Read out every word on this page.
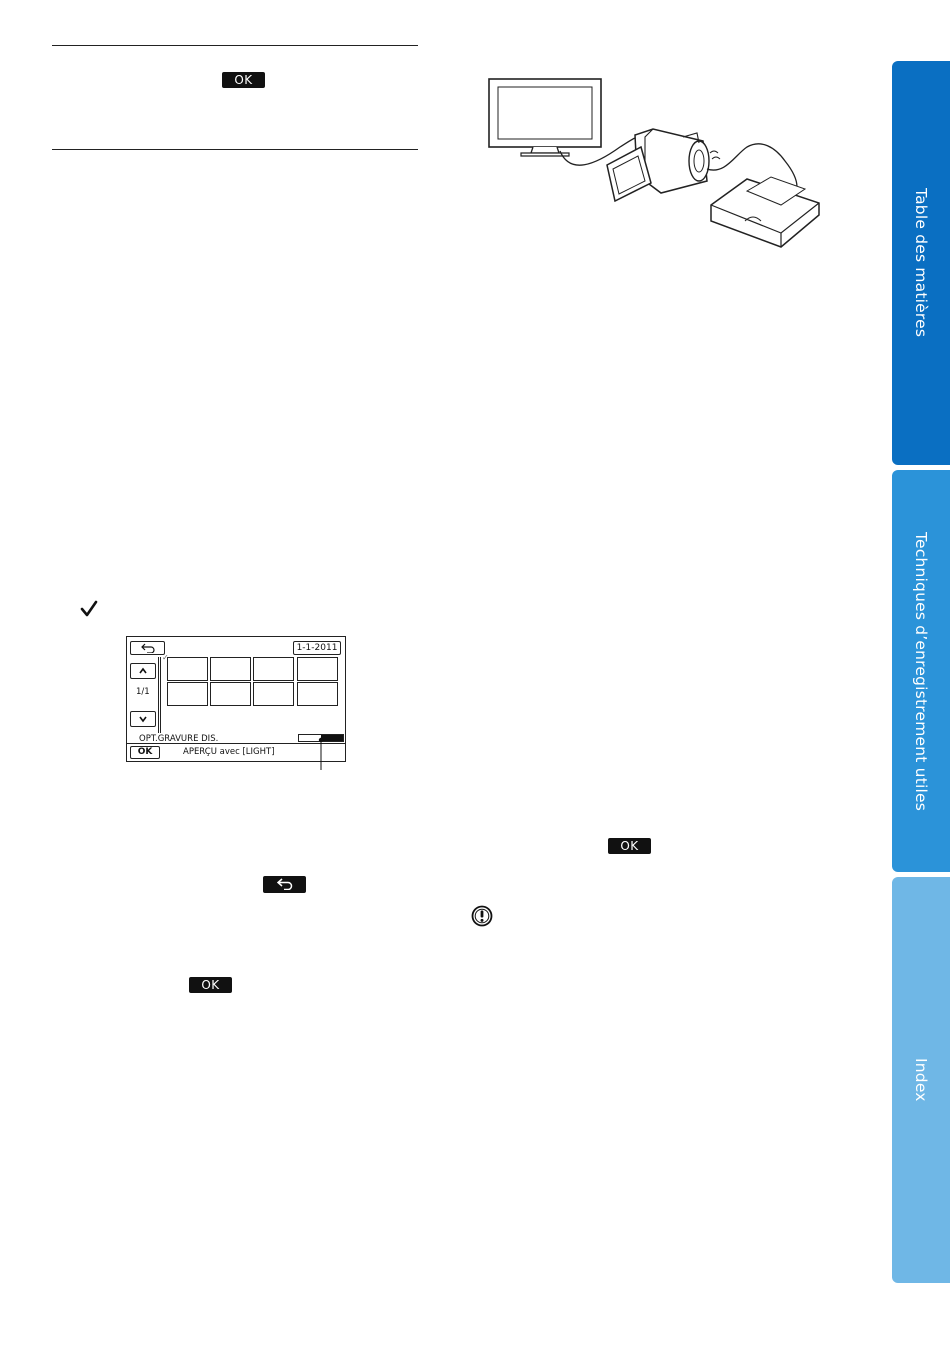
OK
1-1-2011
1/1
✓
OPT.GRAVURE DIS.
OK	APERÇU avec [LIGHT]
OK
OK
Table des matières
Techniques d’enregistrement utiles
Index
